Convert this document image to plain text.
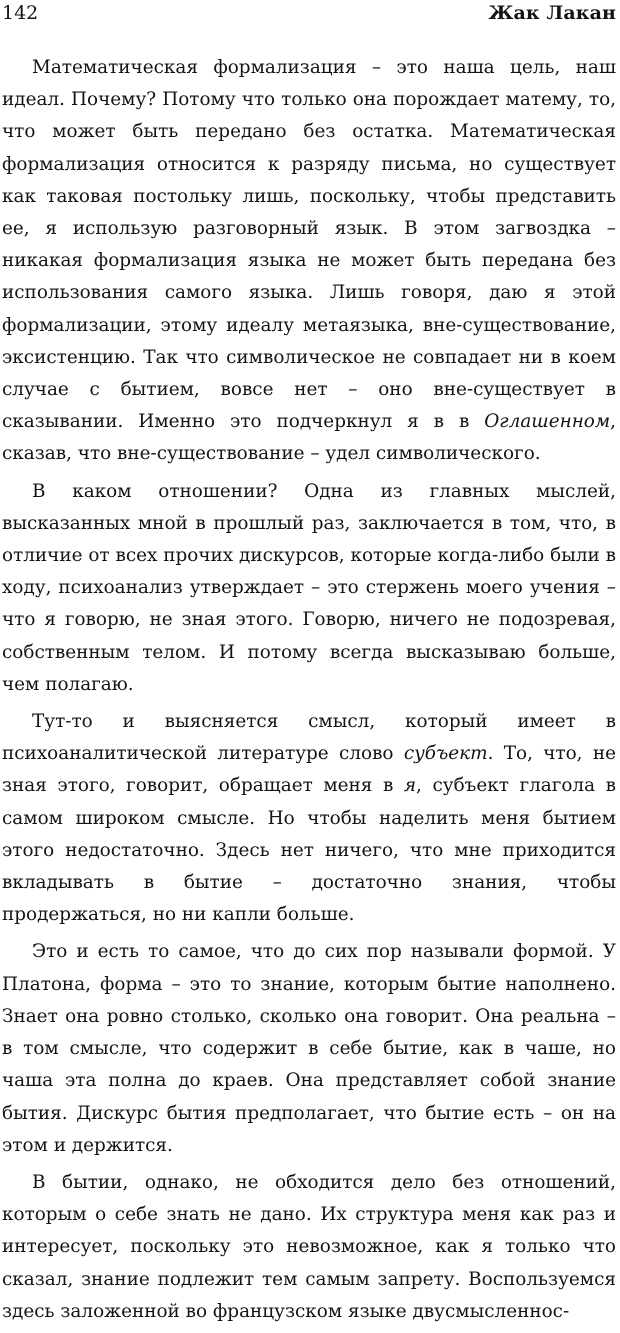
142	Жак Лакан

Математическая формализация – это наша цель, наш идеал. Почему? Потому что только она порождает матему, то, что может быть передано без остатка. Математическая формализация относится к разряду письма, но существует как таковая постольку лишь, поскольку, чтобы представить ее, я использую разговорный язык. В этом загвоздка – никакая формализация языка не может быть передана без использования самого языка. Лишь говоря, даю я этой формализации, этому идеалу метаязыка, вне-существование, эксистенцию. Так что символическое не совпадает ни в коем случае с бытием, вовсе нет – оно вне-существует в сказывании. Именно это подчеркнул я в в Оглашенном, сказав, что вне-существование – удел символического.

В каком отношении? Одна из главных мыслей, высказанных мной в прошлый раз, заключается в том, что, в отличие от всех прочих дискурсов, которые когда-либо были в ходу, психоанализ утверждает – это стержень моего учения – что я говорю, не зная этого. Говорю, ничего не подозревая, собственным телом. И потому всегда высказываю больше, чем полагаю.

Тут-то и выясняется смысл, который имеет в психоаналитической литературе слово субъект. То, что, не зная этого, говорит, обращает меня в я, субъект глагола в самом широком смысле. Но чтобы наделить меня бытием этого недостаточно. Здесь нет ничего, что мне приходится вкладывать в бытие – достаточно знания, чтобы продержаться, но ни капли больше.

Это и есть то самое, что до сих пор называли формой. У Платона, форма – это то знание, которым бытие наполнено. Знает она ровно столько, сколько она говорит. Она реальна – в том смысле, что содержит в себе бытие, как в чаше, но чаша эта полна до краев. Она представляет собой знание бытия. Дискурс бытия предполагает, что бытие есть – он на этом и держится.

В бытии, однако, не обходится дело без отношений, которым о себе знать не дано. Их структура меня как раз и интересует, поскольку это невозможное, как я только что сказал, знание подлежит тем самым запрету. Воспользуемся здесь заложенной во французском языке двусмысленнос-
